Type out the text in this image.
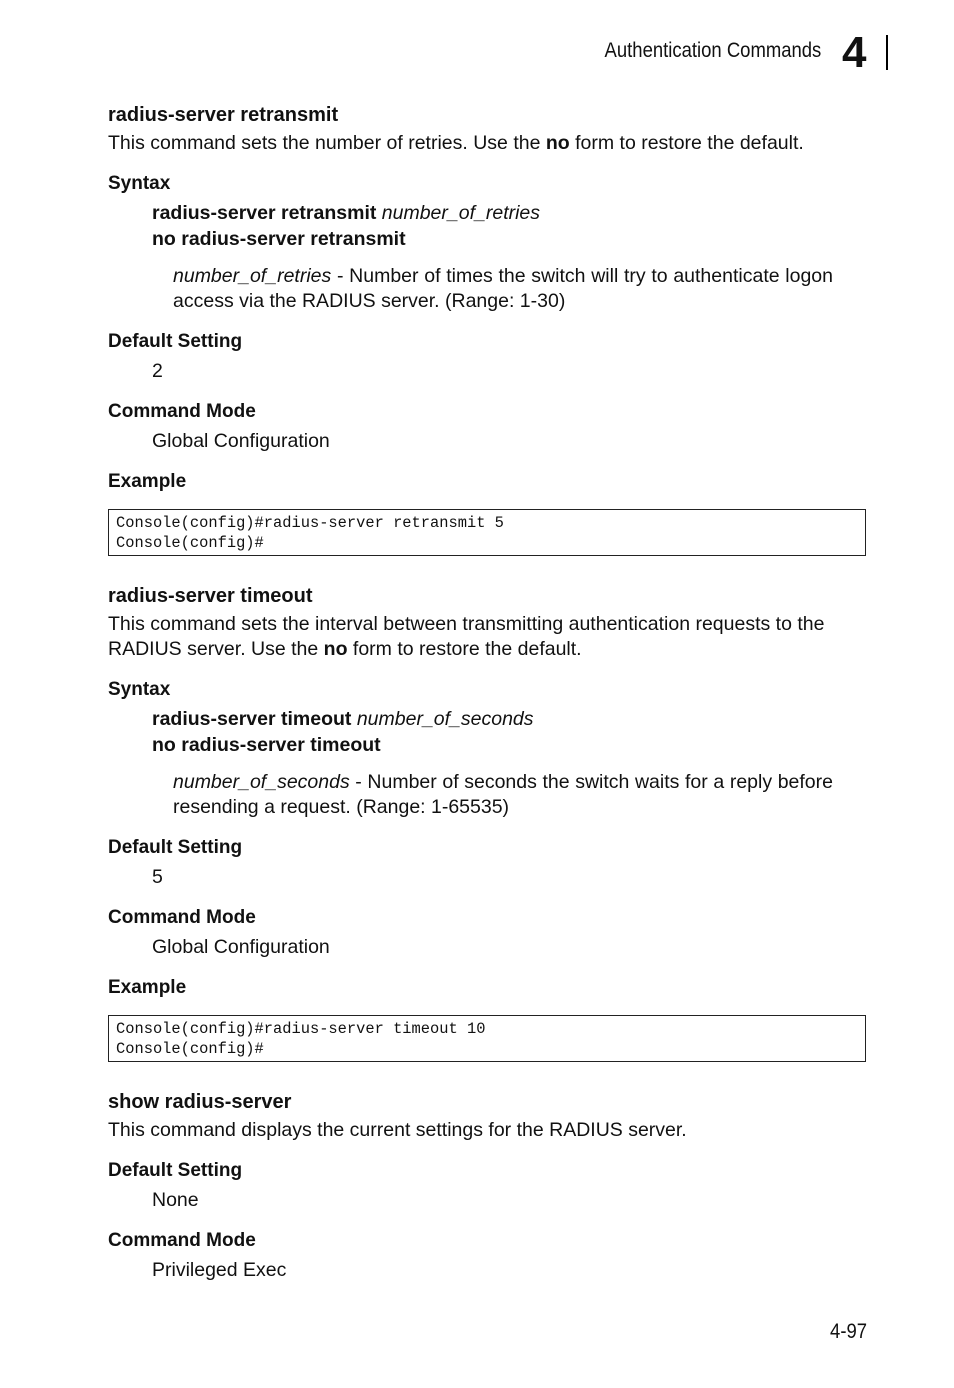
Authentication Commands 4
radius-server retransmit
This command sets the number of retries. Use the no form to restore the default.
Syntax
radius-server retransmit number_of_retries
no radius-server retransmit
number_of_retries - Number of times the switch will try to authenticate logon access via the RADIUS server. (Range: 1-30)
Default Setting
2
Command Mode
Global Configuration
Example
Console(config)#radius-server retransmit 5
Console(config)#
radius-server timeout
This command sets the interval between transmitting authentication requests to the RADIUS server. Use the no form to restore the default.
Syntax
radius-server timeout number_of_seconds
no radius-server timeout
number_of_seconds - Number of seconds the switch waits for a reply before resending a request. (Range: 1-65535)
Default Setting
5
Command Mode
Global Configuration
Example
Console(config)#radius-server timeout 10
Console(config)#
show radius-server
This command displays the current settings for the RADIUS server.
Default Setting
None
Command Mode
Privileged Exec
4-97
